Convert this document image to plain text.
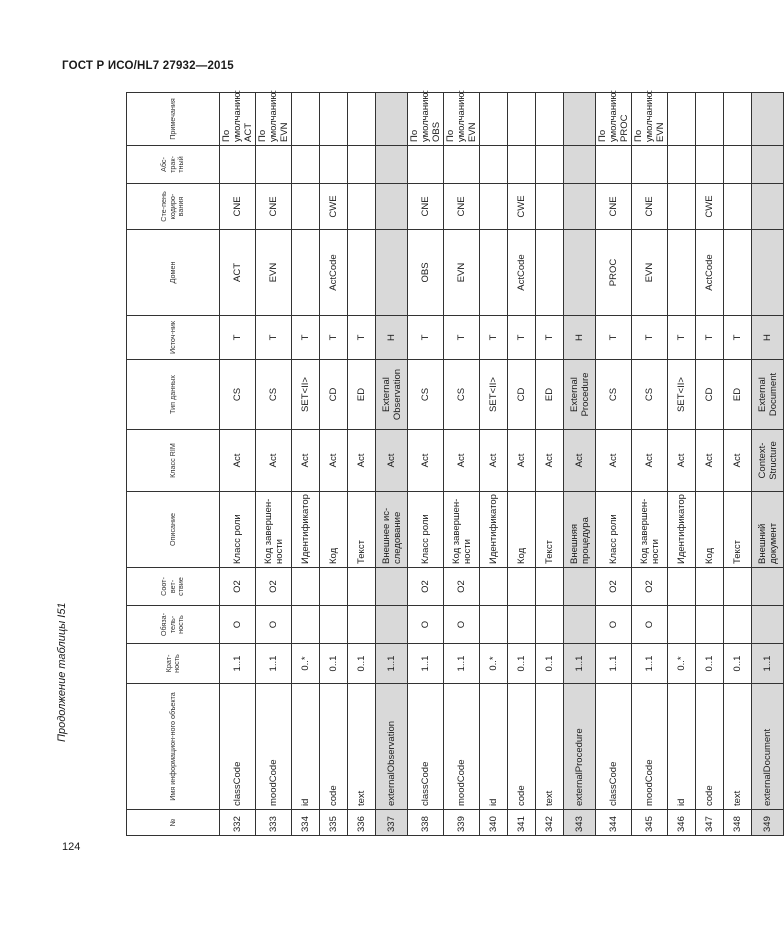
ГОСТ Р ИСО/HL7 27932—2015
Продолжение таблицы I51
№	Имя информацион-ного объекта	Крат-ность	Обяза-тель-ность	Соот-вет-ствие	Описание	Класс RIM	Тип данных	Источ-ник	Домен	Сте-пень кодиро-вания	Абс-трак-тный	Примечания
332	classCode	1..1	O	O2	Класс роли	Act	CS	T	ACT	CNE		По умолчанию: ACT
333	moodCode	1..1	O	O2	Код завершен-ности	Act	CS	T	EVN	CNE		По умолчанию: EVN
334	id	0..*			Идентификатор	Act	SET<II>	T				
335	code	0..1			Код	Act	CD	T	ActCode	CWE		
336	text	0..1			Текст	Act	ED	T				
337	externalObservation	1..1			Внешнее ис-следование	Act	External Observation	H				
338	classCode	1..1	O	O2	Класс роли	Act	CS	T	OBS	CNE		По умолчанию: OBS
339	moodCode	1..1	O	O2	Код завершен-ности	Act	CS	T	EVN	CNE		По умолчанию: EVN
340	id	0..*			Идентификатор	Act	SET<II>	T				
341	code	0..1			Код	Act	CD	T	ActCode	CWE		
342	text	0..1			Текст	Act	ED	T				
343	externalProcedure	1..1			Внешняя процедура	Act	External Procedure	H				
344	classCode	1..1	O	O2	Класс роли	Act	CS	T	PROC	CNE		По умолчанию: PROC
345	moodCode	1..1	O	O2	Код завершен-ности	Act	CS	T	EVN	CNE		По умолчанию: EVN
346	id	0..*			Идентификатор	Act	SET<II>	T				
347	code	0..1			Код	Act	CD	T	ActCode	CWE		
348	text	0..1			Текст	Act	ED	T				
349	externalDocument	1..1			Внешний документ	Context-Structure	External Document	H				
124
